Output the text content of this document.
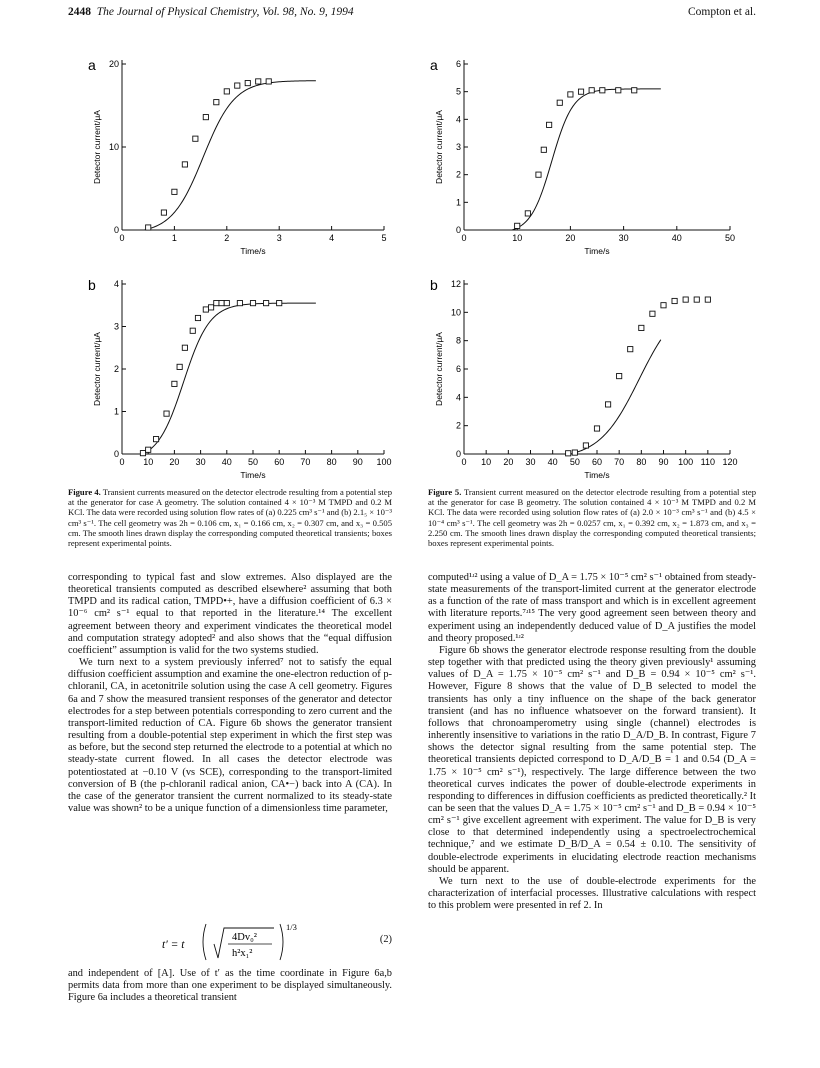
2448 The Journal of Physical Chemistry, Vol. 98, No. 9, 1994	Compton et al.
a
0	1	2	3	4	5
0
10
20
Time/s
Detector current/μA
b
0 10 20 30 40 50 60 70 80 90 100
0
1
2
3
4
Time/s
Detector current/μA
a
0	10	20	30	40	50
0
1
2
3
4
5
6
Time/s
Detector current/μA
b
0 10 20 30 40 50 60 70 80 90 100 110 120
0
2
4
6
8
10
12
Time/s
Detector current/μA
Figure 4. Transient currents measured on the detector electrode resulting from a potential step at the generator for case A geometry. The solution contained 4 × 10⁻³ M TMPD and 0.2 M KCl. The data were recorded using solution flow rates of (a) 0.225 cm³ s⁻¹ and (b) 2.1₅ × 10⁻³ cm³ s⁻¹. The cell geometry was 2h = 0.106 cm, x₁ = 0.166 cm, x₂ = 0.307 cm, and x₃ = 0.505 cm. The smooth lines drawn display the corresponding computed theoretical transients; boxes represent experimental points.
Figure 5. Transient current measured on the detector electrode resulting from a potential step at the generator for case B geometry. The solution contained 4 × 10⁻³ M TMPD and 0.2 M KCl. The data were recorded using solution flow rates of (a) 2.0 × 10⁻³ cm³ s⁻¹ and (b) 4.5 × 10⁻⁴ cm³ s⁻¹. The cell geometry was 2h = 0.0257 cm, x₁ = 0.392 cm, x₂ = 1.873 cm, and x₃ = 2.250 cm. The smooth lines drawn display the corresponding computed theoretical transients; boxes represent experimental points.

corresponding to typical fast and slow extremes. Also displayed are the theoretical transients computed as described elsewhere² assuming that both TMPD and its radical cation, TMPD•+, have a diffusion coefficient of 6.3 × 10⁻⁶ cm² s⁻¹ equal to that reported in the literature.¹⁴ The excellent agreement between theory and experiment vindicates the theoretical model and computation strategy adopted² and also shows that the “equal diffusion coefficient” assumption is valid for the two systems studied.

We turn next to a system previously inferred⁷ not to satisfy the equal diffusion coefficient assumption and examine the one-electron reduction of p-chloranil, CA, in acetonitrile solution using the case A cell geometry. Figures 6a and 7 show the measured transient responses of the generator and detector electrodes for a step between potentials corresponding to zero current and the transport-limited reduction of CA. Figure 6b shows the generator transient resulting from a double-potential step experiment in which the first step was as before, but the second step returned the electrode to a potential at which no steady-state current flowed. In all cases the detector electrode was potentiostated at −0.10 V (vs SCE), corresponding to the transport-limited conversion of B (the p-chloranil radical anion, CA•−) back into A (CA). In the case of the generator transient the current normalized to its steady-state value was shown² to be a unique function of a dimensionless time parameter,

t′ = t
4Dv₀²
h²x₁²
1/3
(2)

and independent of [A]. Use of t′ as the time coordinate in Figure 6a,b permits data from more than one experiment to be displayed simultaneously. Figure 6a includes a theoretical transient

computed¹ʴ² using a value of D_A = 1.75 × 10⁻⁵ cm² s⁻¹ obtained from steady-state measurements of the transport-limited current at the generator electrode as a function of the rate of mass transport and which is in excellent agreement with literature reports.⁷ʴ¹⁵ The very good agreement seen between theory and experiment using an independently deduced value of D_A justifies the model and theory proposed.¹ʴ²

Figure 6b shows the generator electrode response resulting from the double step together with that predicted using the theory given previously¹ assuming values of D_A = 1.75 × 10⁻⁵ cm² s⁻¹ and D_B = 0.94 × 10⁻⁵ cm² s⁻¹. However, Figure 8 shows that the value of D_B selected to model the transients has only a tiny influence on the shape of the back generator transient (and has no influence whatsoever on the forward transient). It follows that chronoamperometry using single (channel) electrodes is inherently insensitive to variations in the ratio D_A/D_B. In contrast, Figure 7 shows the detector signal resulting from the same potential step. The theoretical transients depicted correspond to D_A/D_B = 1 and 0.54 (D_A = 1.75 × 10⁻⁵ cm² s⁻¹), respectively. The large difference between the two theoretical curves indicates the power of double-electrode experiments in responding to differences in diffusion coefficients as predicted theoretically.² It can be seen that the values D_A = 1.75 × 10⁻⁵ cm² s⁻¹ and D_B = 0.94 × 10⁻⁵ cm² s⁻¹ give excellent agreement with experiment. The value for D_B is very close to that determined independently using a spectroelectrochemical technique,⁷ and we estimate D_B/D_A = 0.54 ± 0.10. The sensitivity of double-electrode experiments in elucidating electrode reaction mechanisms should be apparent.

We turn next to the use of double-electrode experiments for the characterization of interfacial processes. Illustrative calculations with respect to this problem were presented in ref 2. In
